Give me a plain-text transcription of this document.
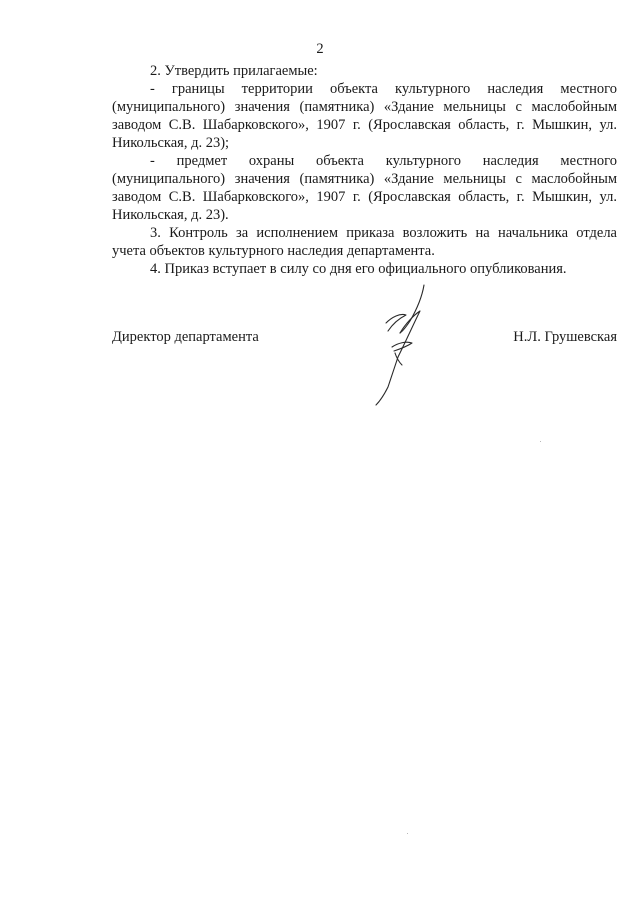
2

2. Утвердить прилагаемые:

- границы территории объекта культурного наследия местного (муниципального) значения (памятника) «Здание мельницы с маслобойным заводом С.В. Шабарковского», 1907 г. (Ярославская область, г. Мышкин, ул. Никольская, д. 23);

- предмет охраны объекта культурного наследия местного (муниципального) значения (памятника) «Здание мельницы с маслобойным заводом С.В. Шабарковского», 1907 г. (Ярославская область, г. Мышкин, ул. Никольская, д. 23).

3. Контроль за исполнением приказа возложить на начальника отдела учета объектов культурного наследия департамента.

4. Приказ вступает в силу со дня его официального опубликования.

Директор департамента	Н.Л. Грушевская
